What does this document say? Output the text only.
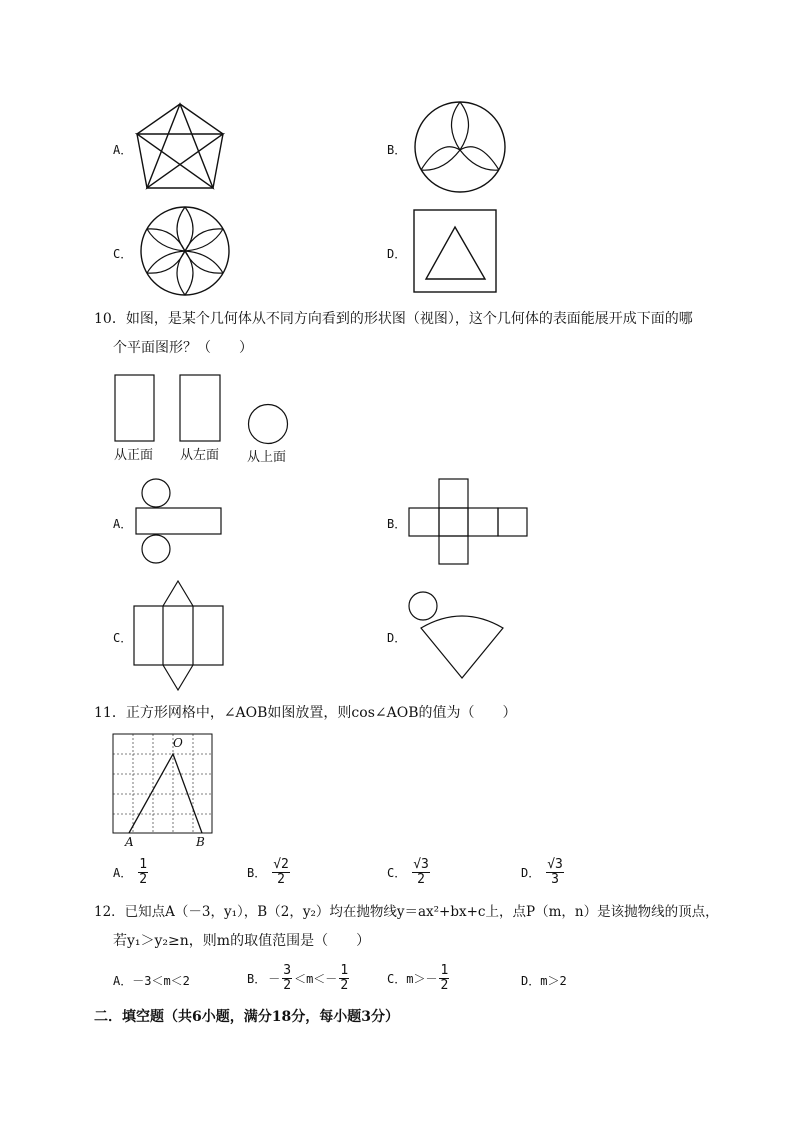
A．	B．
C．	D．
10．如图，是某个几何体从不同方向看到的形状图（视图），这个几何体的表面能展开成下面的哪
个平面图形？（　　）
从正面 从左面 从上面
A．	B．
C．	D．
11．正方形网格中，∠AOB如图放置，则cos∠AOB的值为（　　）
O
A	B
A． $\frac{1}{2}$	B． $\frac{√2}{2}$	C． $\frac{√3}{2}$	D． $\frac{√3}{3}$
12．已知点A（－3，y₁），B（2，y₂）均在抛物线y＝ax²+bx+c上，点P（m，n）是该抛物线的顶点，
若y₁＞y₂≥n，则m的取值范围是（　　）
A．－3＜m＜2	B． － $\frac{3}{2} <m<- \frac{1}{2}$	C．$m>- \frac{1}{2}$	D．m＞2
二．填空题（共6小题，满分18分，每小题3分）
